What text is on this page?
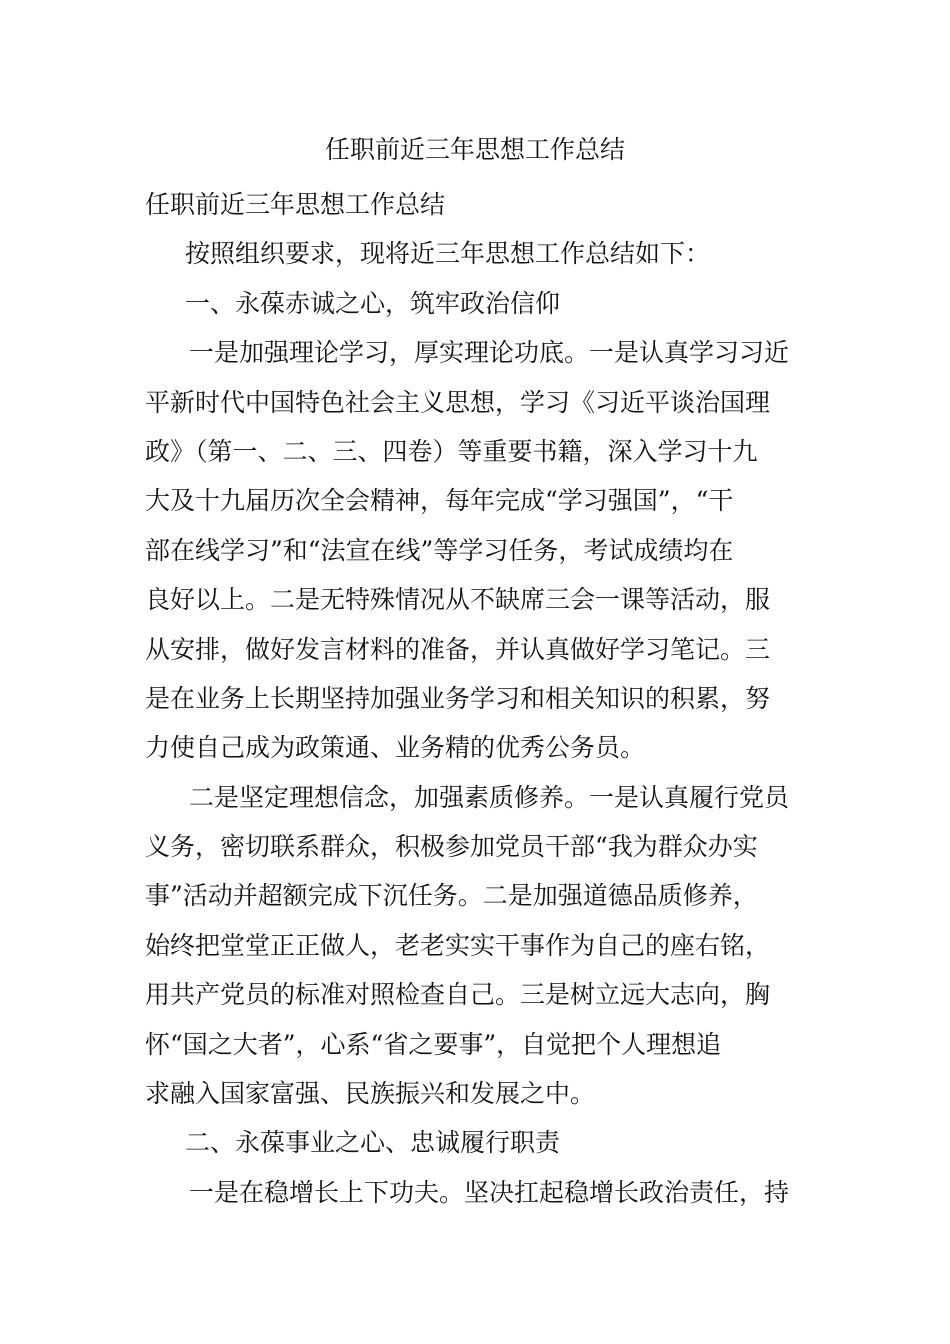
任职前近三年思想工作总结

任职前近三年思想工作总结

按照组织要求，现将近三年思想工作总结如下：

一、永葆赤诚之心，筑牢政治信仰

一是加强理论学习，厚实理论功底。一是认真学习习近

平新时代中国特色社会主义思想，学习《习近平谈治国理

政》（第一、二、三、四卷）等重要书籍，深入学习十九

大及十九届历次全会精神，每年完成“学习强国”，“干

部在线学习”和“法宣在线”等学习任务，考试成绩均在

良好以上。二是无特殊情况从不缺席三会一课等活动，服

从安排，做好发言材料的准备，并认真做好学习笔记。三

是在业务上长期坚持加强业务学习和相关知识的积累，努

力使自己成为政策通、业务精的优秀公务员。

二是坚定理想信念，加强素质修养。一是认真履行党员

义务，密切联系群众，积极参加党员干部“我为群众办实

事”活动并超额完成下沉任务。二是加强道德品质修养，

始终把堂堂正正做人，老老实实干事作为自己的座右铭，

用共产党员的标准对照检查自己。三是树立远大志向，胸

怀“国之大者”，心系“省之要事”，自觉把个人理想追

求融入国家富强、民族振兴和发展之中。

二、永葆事业之心、忠诚履行职责

一是在稳增长上下功夫。坚决扛起稳增长政治责任，持
